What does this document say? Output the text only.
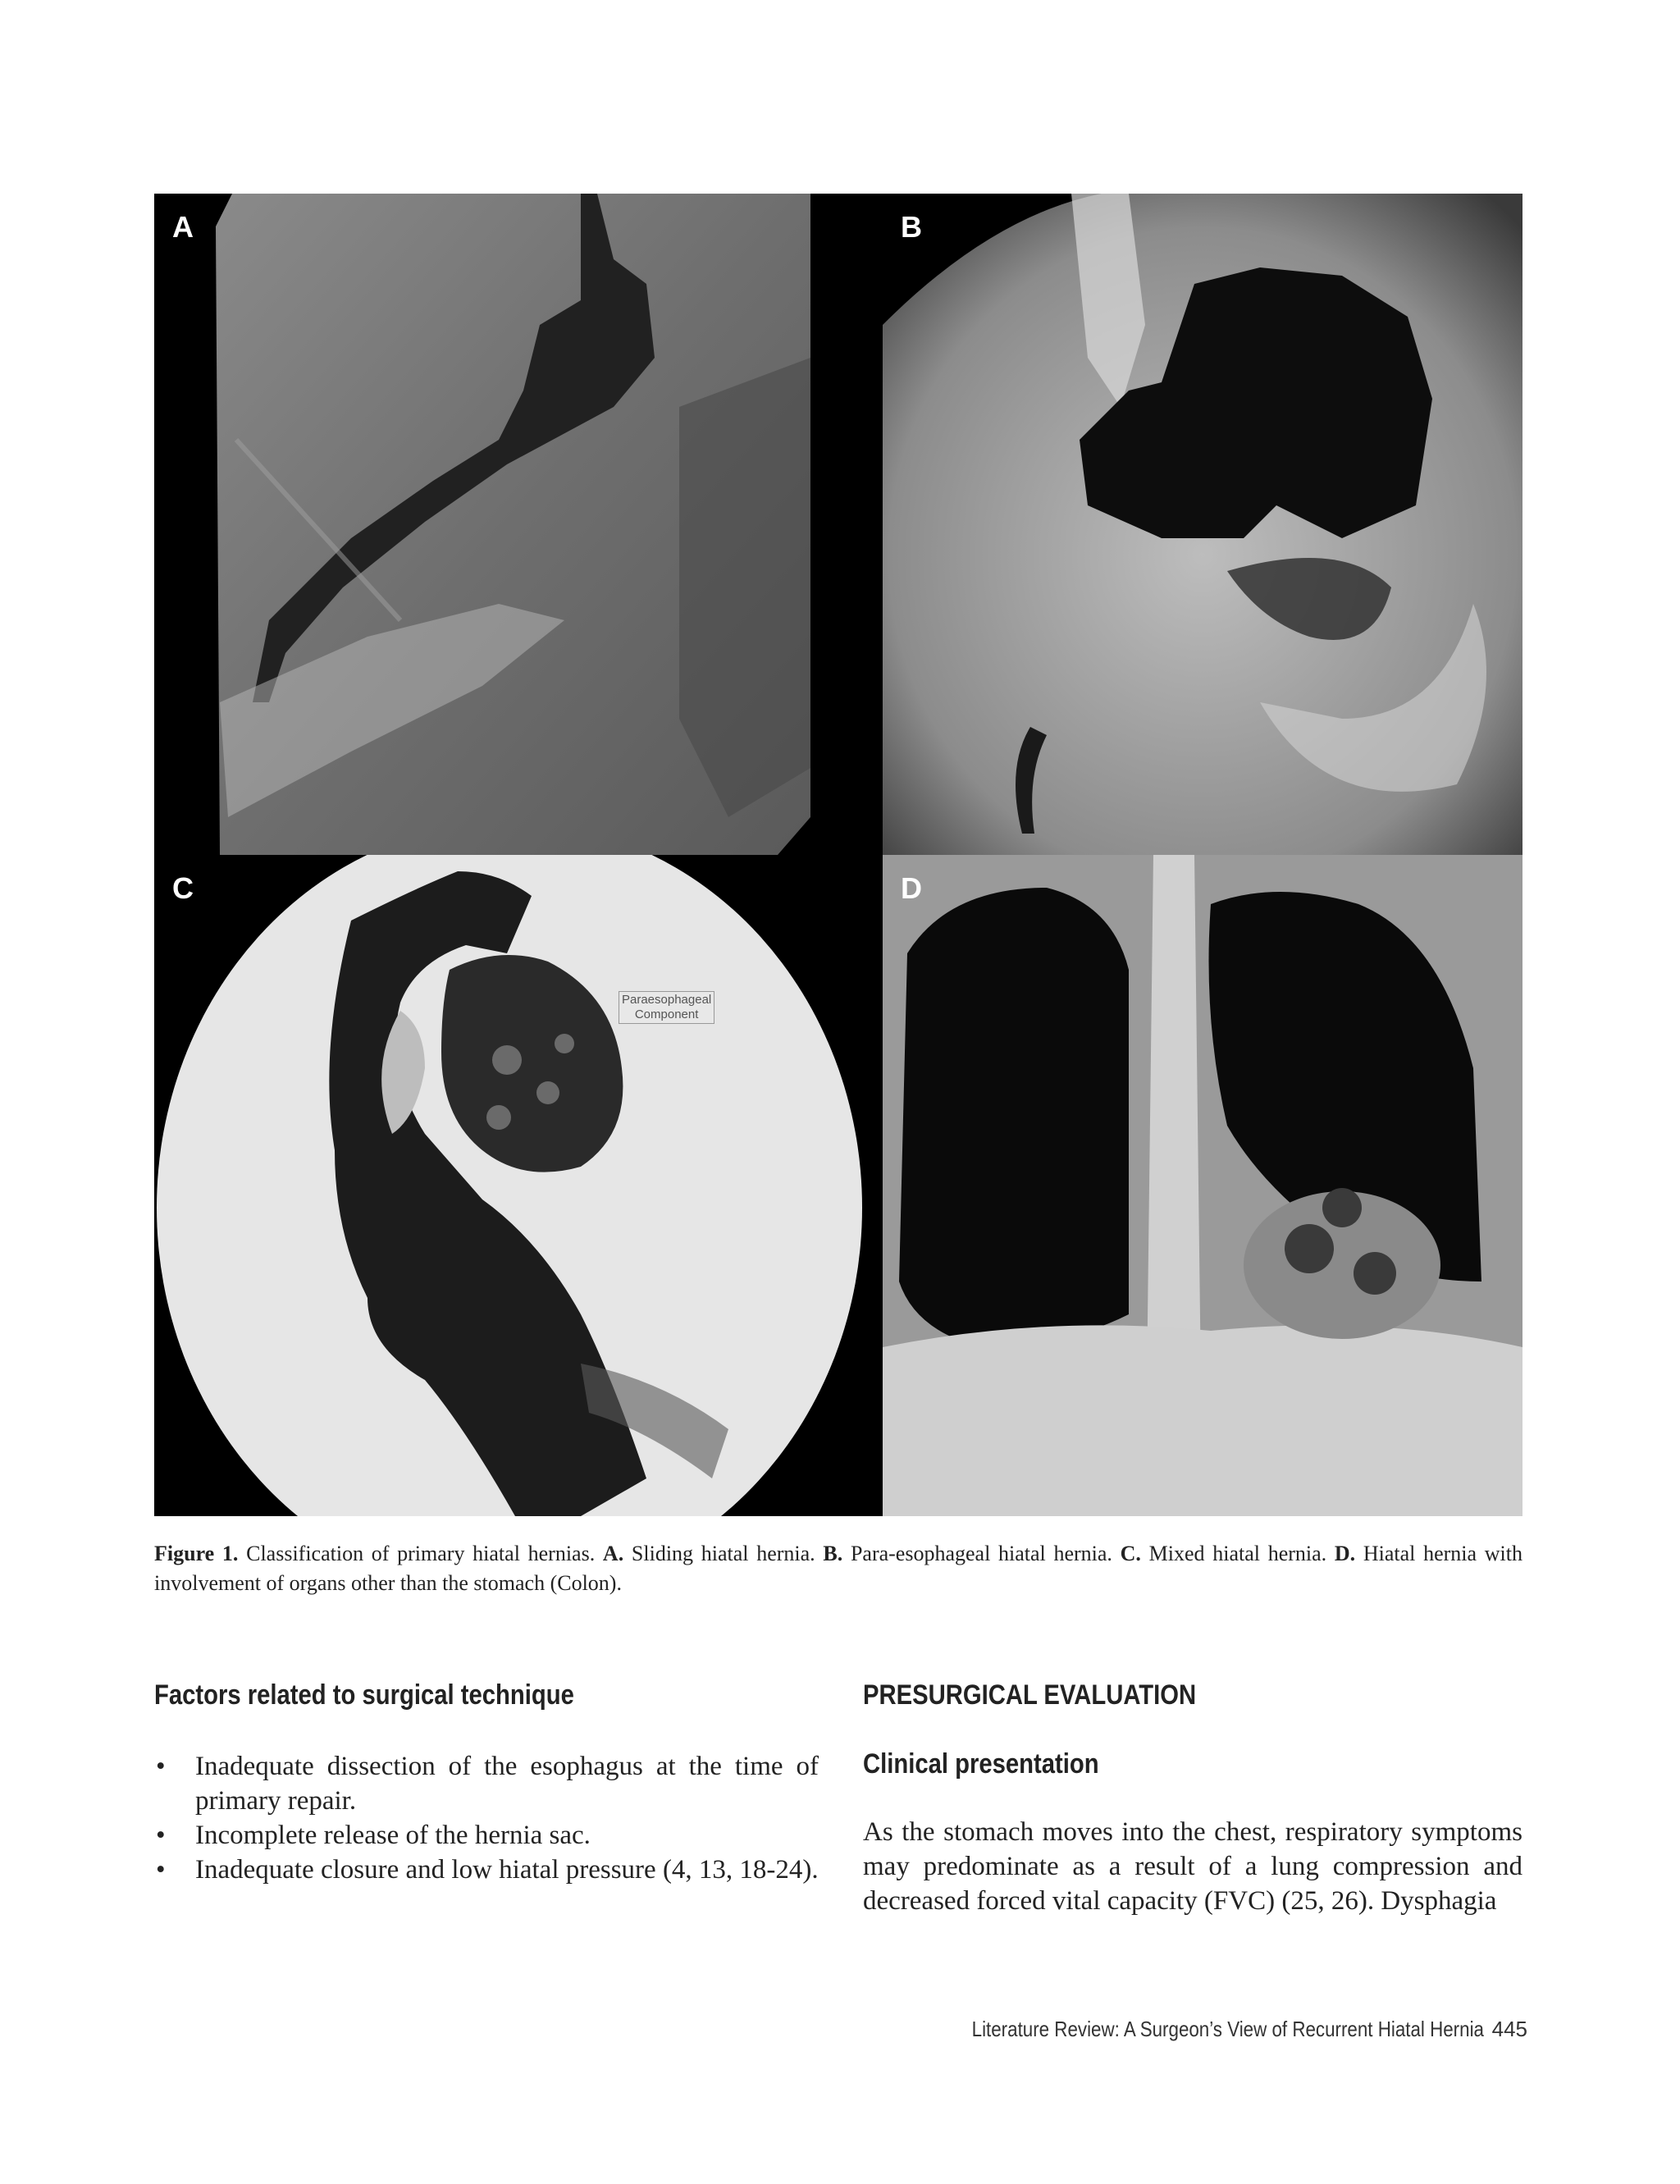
A	B
C
Paraesophageal
Component
D
Figure 1. Classification of primary hiatal hernias. A. Sliding hiatal hernia. B. Para-esophageal hiatal hernia. C. Mixed hiatal hernia. D. Hiatal hernia with involvement of organs other than the stomach (Colon).
Factors related to surgical technique
• Inadequate dissection of the esophagus at the time of primary repair.
• Incomplete release of the hernia sac.
• Inadequate closure and low hiatal pressure (4, 13, 18-24).
PRESURGICAL EVALUATION
Clinical presentation

As the stomach moves into the chest, respiratory symptoms may predominate as a result of a lung compression and decreased forced vital capacity (FVC) (25, 26). Dysphagia

Literature Review: A Surgeon’s View of Recurrent Hiatal Hernia 445
